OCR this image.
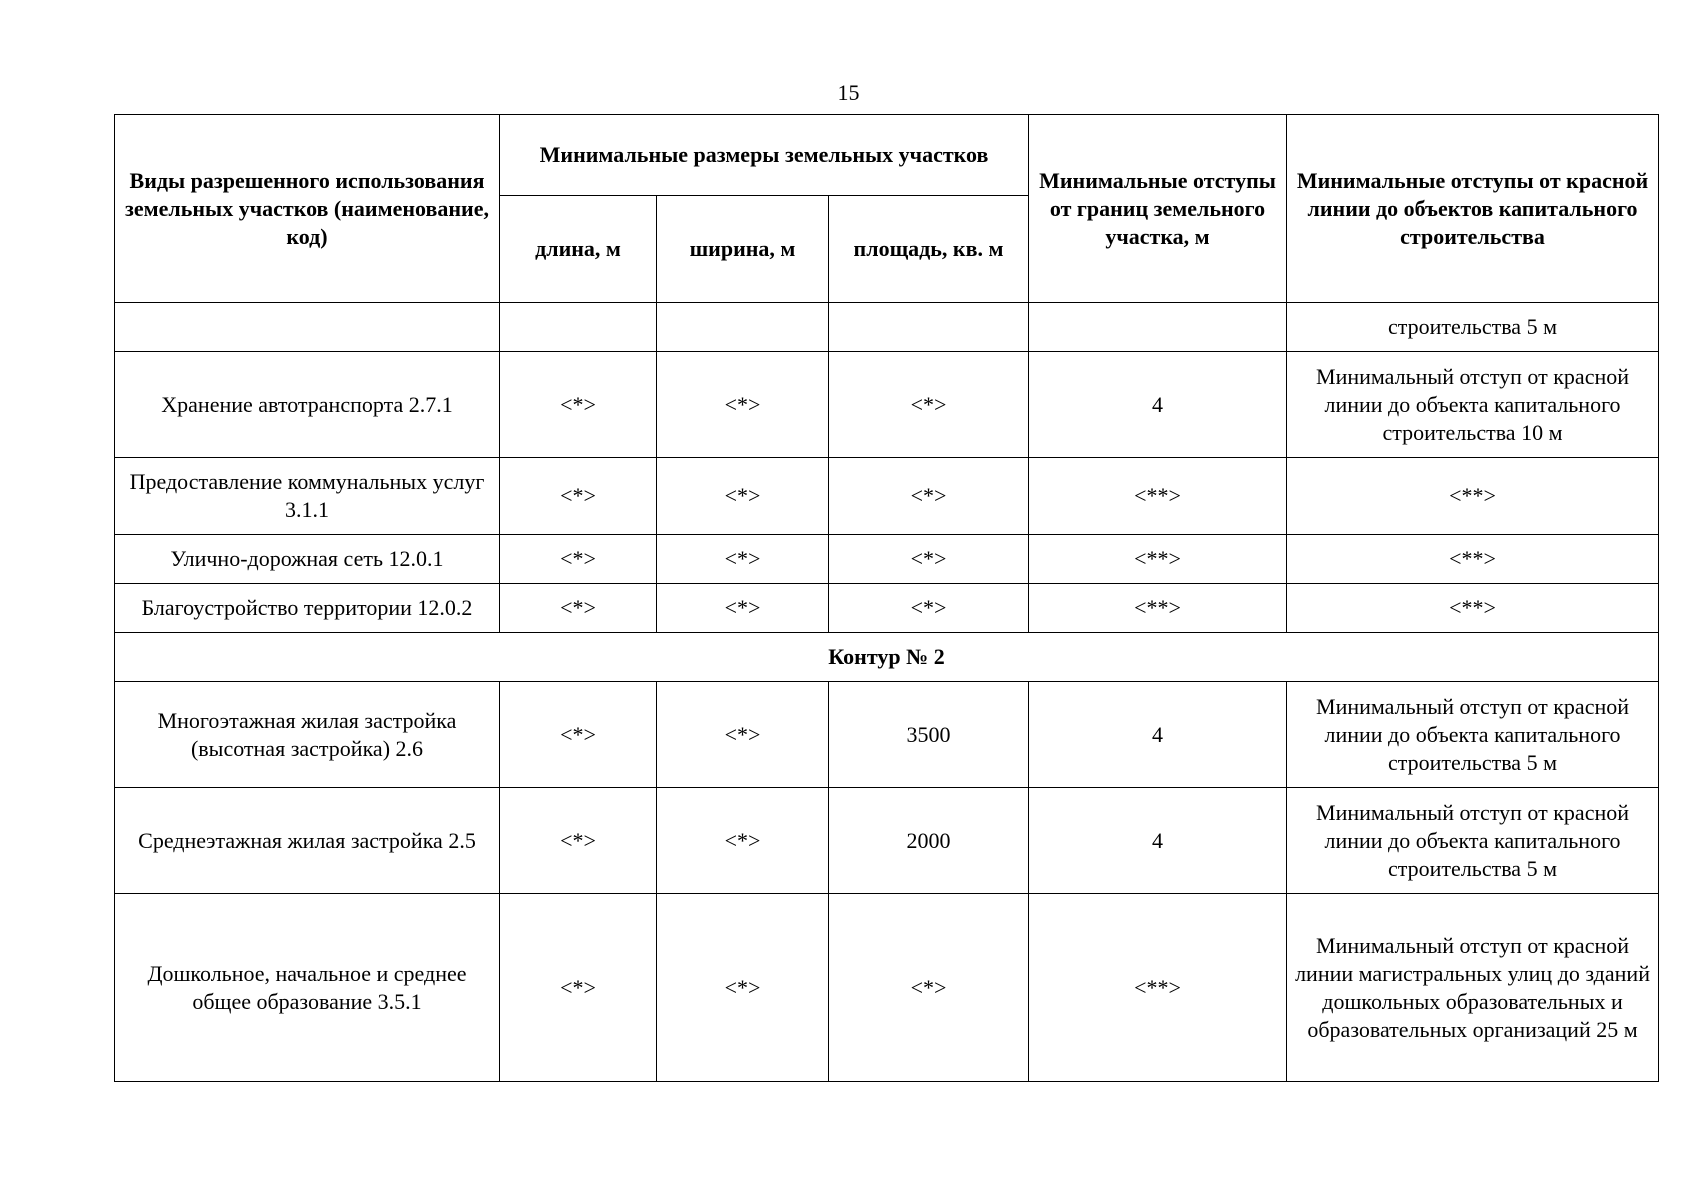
15
Виды разрешенного использования земельных участков (наименование, код)	Минимальные размеры земельных участков			Минимальные отступы от границ земельного участка, м	Минимальные отступы от красной линии до объектов капитального строительства
	длина, м	ширина, м	площадь, кв. м		
					строительства 5 м
Хранение автотранспорта 2.7.1	<*>	<*>	<*>	4	Минимальный отступ от красной линии до объекта капитального строительства 10 м
Предоставление коммунальных услуг 3.1.1	<*>	<*>	<*>	<**>	<**>
Улично-дорожная сеть 12.0.1	<*>	<*>	<*>	<**>	<**>
Благоустройство территории 12.0.2	<*>	<*>	<*>	<**>	<**>
Контур № 2					
Многоэтажная жилая застройка (высотная застройка) 2.6	<*>	<*>	3500	4	Минимальный отступ от красной линии до объекта капитального строительства 5 м
Среднеэтажная жилая застройка 2.5	<*>	<*>	2000	4	Минимальный отступ от красной линии до объекта капитального строительства 5 м
Дошкольное, начальное и среднее общее образование 3.5.1	<*>	<*>	<*>	<**>	Минимальный отступ от красной линии магистральных улиц до зданий дошкольных образовательных и образовательных организаций 25 м
